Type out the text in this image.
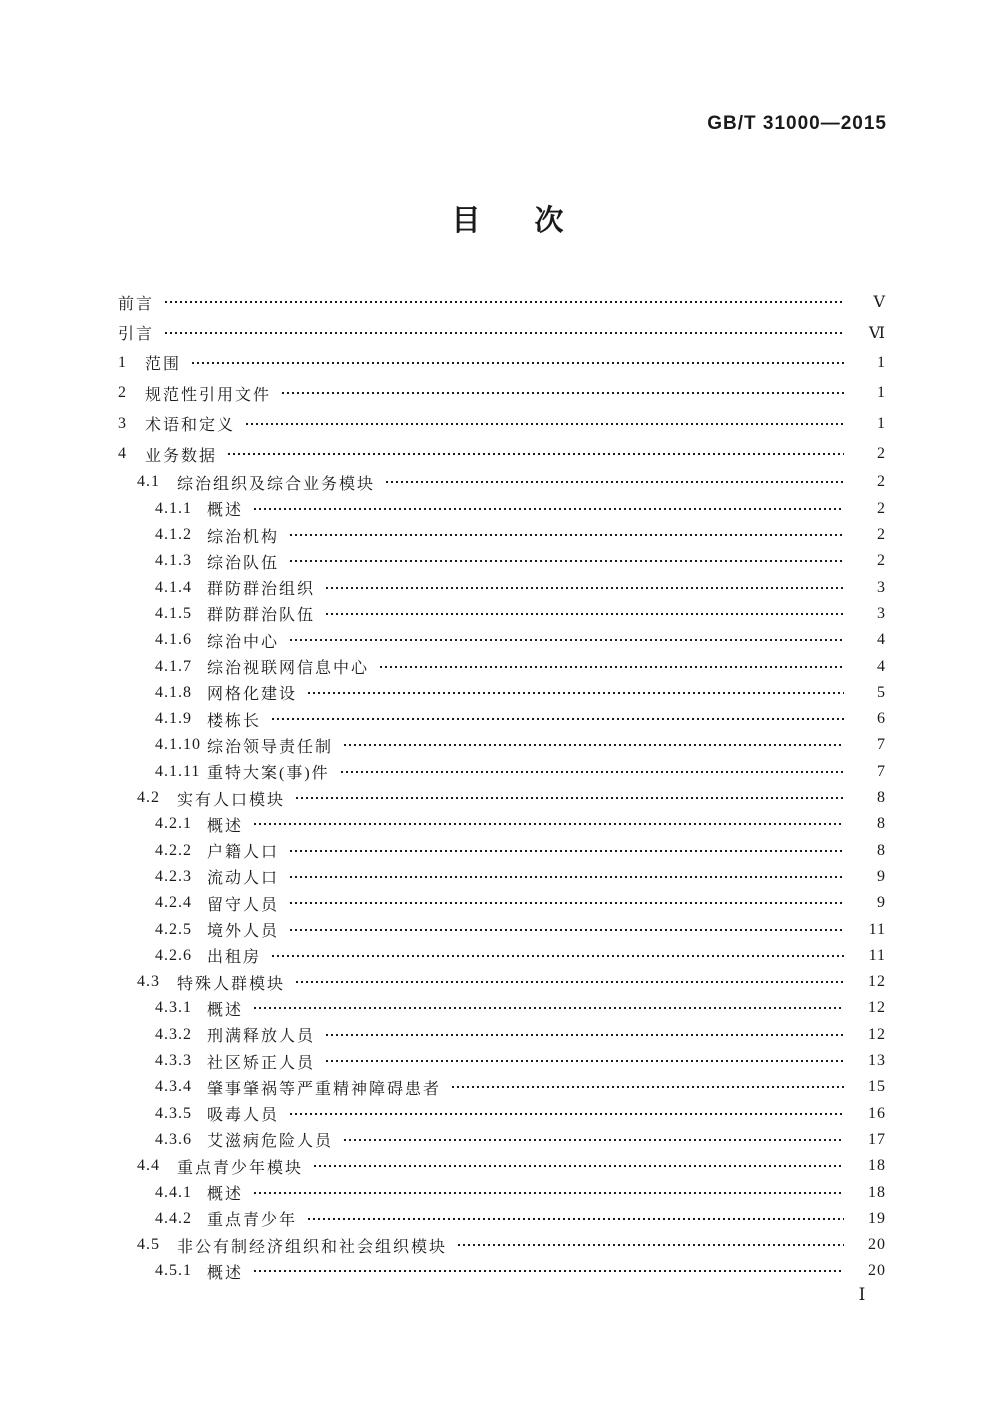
GB/T 31000—2015
目 次
前言	Ⅴ
引言	Ⅵ
1	范围	1
2	规范性引用文件	1
3	术语和定义	1
4	业务数据	2
4.1	综治组织及综合业务模块	2
4.1.1 概述	2
4.1.2 综治机构	2
4.1.3 综治队伍	2
4.1.4 群防群治组织	3
4.1.5 群防群治队伍	3
4.1.6 综治中心	4
4.1.7 综治视联网信息中心	4
4.1.8 网格化建设	5
4.1.9 楼栋长	6
4.1.10 综治领导责任制	7
4.1.11 重特大案(事)件	7
4.2	实有人口模块	8
4.2.1 概述	8
4.2.2 户籍人口	8
4.2.3 流动人口	9
4.2.4 留守人员	9
4.2.5 境外人员	11
4.2.6 出租房	11
4.3	特殊人群模块	12
4.3.1 概述	12
4.3.2 刑满释放人员	12
4.3.3 社区矫正人员	13
4.3.4 肇事肇祸等严重精神障碍患者	15
4.3.5 吸毒人员	16
4.3.6 艾滋病危险人员	17
4.4	重点青少年模块	18
4.4.1 概述	18
4.4.2 重点青少年	19
4.5	非公有制经济组织和社会组织模块	20
4.5.1 概述	20
Ⅰ
